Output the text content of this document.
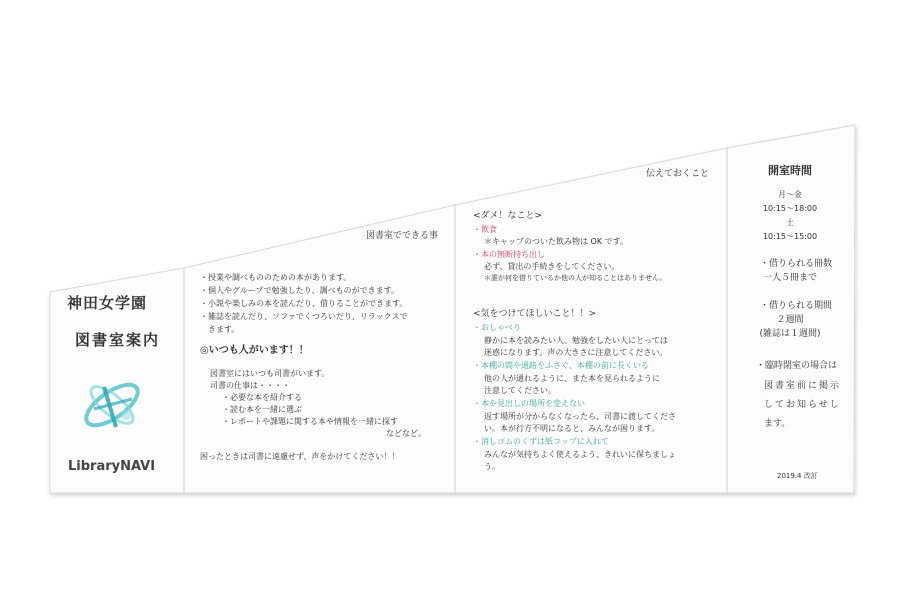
神田女学園
図書室案内
LibraryNAVI
図書室でできる事
・授業や調べもののための本があります。
・個人やグループで勉強したり、調べものができます。
・小説や楽しみの本を読んだり、借りることができます。
・雑誌を読んだり、ソファでくつろいだり、リラックスで
　きます。
◎いつも人がいます！！
図書室にはいつも司書がいます。
司書の仕事は・・・・
・必要な本を紹介する
・読む本を一緒に選ぶ
・レポートや課題に関する本や情報を一緒に探す
などなど。
困ったときは司書に遠慮せず、声をかけてください！！
伝えておくこと
<ダメ！なこと>
・飲食
＊キャップのついた飲み物は OK です。
・本の無断持ち出し
必ず、貸出の手続きをしてください。
＊誰が何を借りているか他の人が知ることはありません。
<気をつけてほしいこと！！>
・おしゃべり
静かに本を読みたい人、勉強をしたい人にとっては
迷惑になります。声の大きさに注意してください。
・本棚の間や通路をふさぐ、本棚の前に長くいる
他の人が通れるように、また本を見られるように
注意してください。
・本や見出しの場所を変えない
返す場所が分からなくなったら、司書に渡してくださ
い。本が行方不明になると、みんなが困ります。
・消しゴムのくずは紙コップに入れて
みんなが気持ちよく使えるよう、きれいに保ちましょ
う。
開室時間
月～金
10:15～18:00
土
10:15～15:00
・借りられる冊数
一人５冊まで
・借りられる期間
２週間
(雑誌は１週間)
・臨時閉室の場合は
図書室前に掲示
してお知らせし
ます。
2019.4 改訂
